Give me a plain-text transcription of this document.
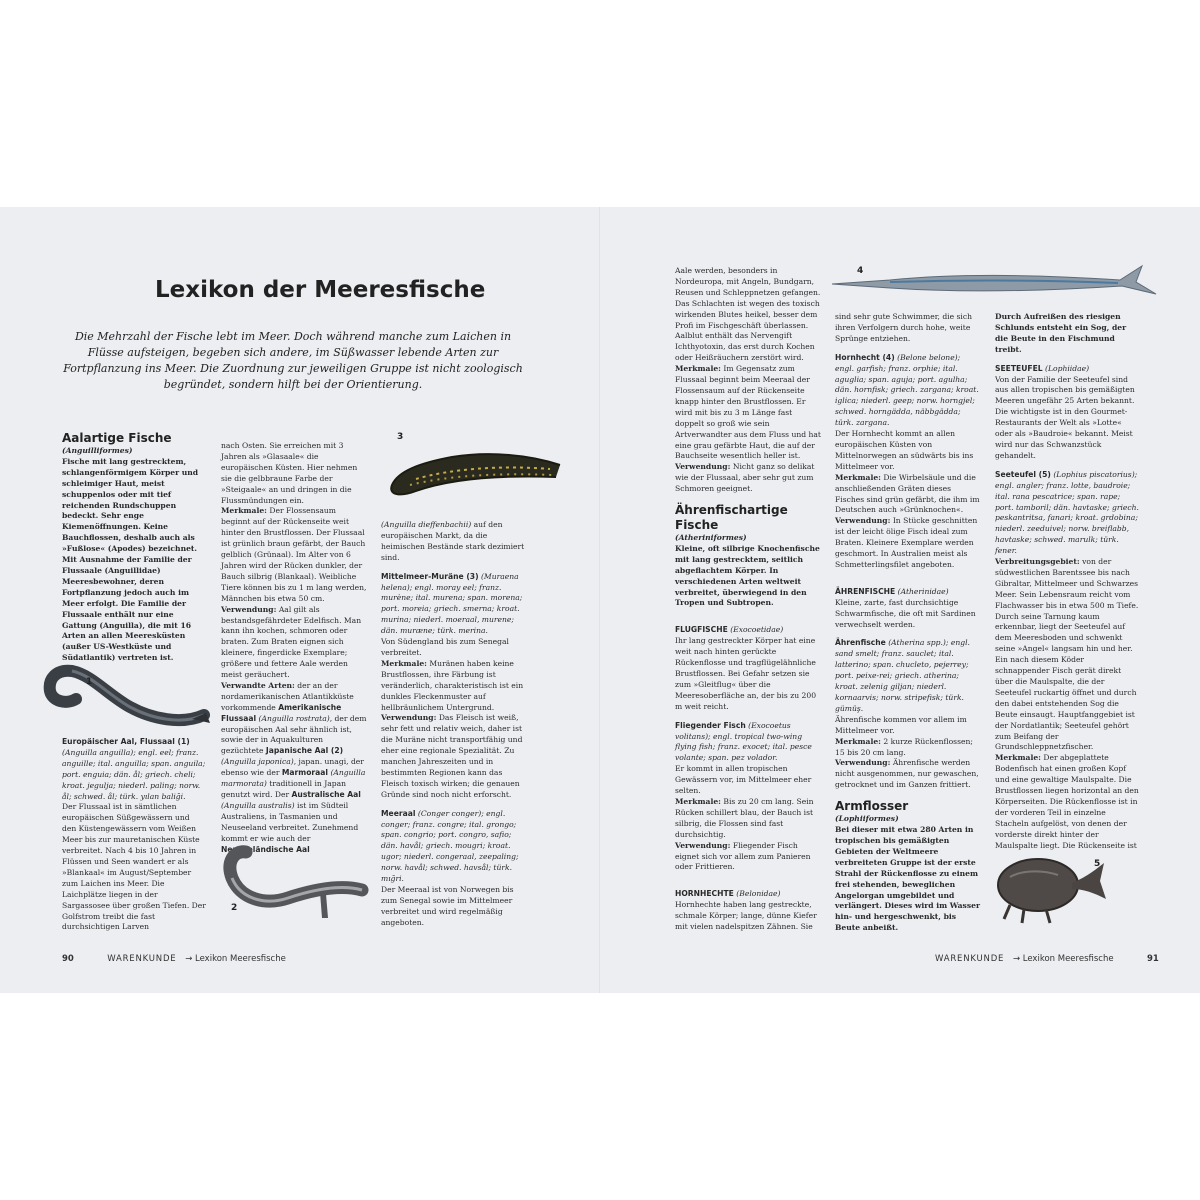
Lexikon der Meeresfische

Die Mehrzahl der Fische lebt im Meer. Doch während manche zum Laichen in Flüsse aufsteigen, begeben sich andere, im Süßwasser lebende Arten zur Fortpflanzung ins Meer. Die Zuordnung zur jeweiligen Gruppe ist nicht zoologisch begründet, sondern hilft bei der Orientierung.

Aalartige Fische

(Anguilliformes)

Fische mit lang gestrecktem, schlangenförmigem Körper und schleimiger Haut, meist schuppenlos oder mit tief reichenden Rundschuppen bedeckt. Sehr enge Kiemenöffnungen. Keine Bauchflossen, deshalb auch als »Fußlose« (Apodes) bezeichnet. Mit Ausnahme der Familie der Flussaale (Anguillidae) Meeresbewohner, deren Fortpflanzung jedoch auch im Meer erfolgt. Die Familie der Flussaale enthält nur eine Gattung (Anguilla), die mit 16 Arten an allen Meeresküsten (außer US-Westküste und Südatlantik) vertreten ist.

1

Europäischer Aal, Flussaal (1)

(Anguilla anguilla); engl. eel; franz. anguille; ital. anguilla; span. anguila; port. enguia; dän. ål; griech. cheli; kroat. jegulja; niederl. paling; norw. ål; schwed. ål; türk. yılan baliği.

Der Flussaal ist in sämtlichen europäischen Süßgewässern und den Küstengewässern vom Weißen Meer bis zur mauretanischen Küste verbreitet. Nach 4 bis 10 Jahren in Flüssen und Seen wandert er als »Blankaal« im August/September zum Laichen ins Meer. Die Laichplätze liegen in der Sargassosee über großen Tiefen. Der Golfstrom treibt die fast durchsichtigen Larven

nach Osten. Sie erreichen mit 3 Jahren als »Glasaale« die europäischen Küsten. Hier nehmen sie die gelbbraune Farbe der »Steigaale« an und dringen in die Flussmündungen ein.

Merkmale: Der Flossensaum beginnt auf der Rückenseite weit hinter den Brustflossen. Der Flussaal ist grünlich braun gefärbt, der Bauch gelblich (Grünaal). Im Alter von 6 Jahren wird der Rücken dunkler, der Bauch silbrig (Blankaal). Weibliche Tiere können bis zu 1 m lang werden, Männchen bis etwa 50 cm.

Verwendung: Aal gilt als bestandsgefährdeter Edelfisch. Man kann ihn kochen, schmoren oder braten. Zum Braten eignen sich kleinere, fingerdicke Exemplare; größere und fettere Aale werden meist geräuchert.

Verwandte Arten: der an der nordamerikanischen Atlantikküste vorkommende Amerikanische Flussaal (Anguilla rostrata), der dem europäischen Aal sehr ähnlich ist, sowie der in Aquakulturen gezüchtete Japanische Aal (2) (Anguilla japonica), japan. unagi, der ebenso wie der Marmoraal (Anguilla marmorata) traditionell in Japan genutzt wird. Der Australische Aal (Anguilla australis) ist im Südteil Australiens, in Tasmanien und Neuseeland verbreitet. Zunehmend kommt er wie auch der Neuseeländische Aal

2
3

(Anguilla dieffenbachii) auf den europäischen Markt, da die heimischen Bestände stark dezimiert sind.

Mittelmeer-Muräne (3) (Muraena helena); engl. moray eel; franz. murène; ital. murena; span. morena; port. moreia; griech. smerna; kroat. murina; niederl. moeraal, murene; dän. muræne; türk. merina.

Von Südengland bis zum Senegal verbreitet.

Merkmale: Muränen haben keine Brustflossen, ihre Färbung ist veränderlich, charakteristisch ist ein dunkles Fleckenmuster auf hellbräunlichem Untergrund.

Verwendung: Das Fleisch ist weiß, sehr fett und relativ weich, daher ist die Muräne nicht transportfähig und eher eine regionale Spezialität. Zu manchen Jahreszeiten und in bestimmten Regionen kann das Fleisch toxisch wirken; die genauen Gründe sind noch nicht erforscht.

Meeraal (Conger conger); engl. conger; franz. congre; ital. grongo; span. congrio; port. congro, safio; dän. havål; griech. mougri; kroat. ugor; niederl. congeraal, zeepaling; norw. havål; schwed. havsål; türk. mığri.

Der Meeraal ist von Norwegen bis zum Senegal sowie im Mittelmeer verbreitet und wird regelmäßig angeboten.

Aale werden, besonders in Nordeuropa, mit Angeln, Bundgarn, Reusen und Schleppnetzen gefangen. Das Schlachten ist wegen des toxisch wirkenden Blutes heikel, besser dem Profi im Fischgeschäft überlassen. Aalblut enthält das Nervengift Ichthyotoxin, das erst durch Kochen oder Heißräuchern zerstört wird.

Merkmale: Im Gegensatz zum Flussaal beginnt beim Meeraal der Flossensaum auf der Rückenseite knapp hinter den Brustflossen. Er wird mit bis zu 3 m Länge fast doppelt so groß wie sein Artverwandter aus dem Fluss und hat eine grau gefärbte Haut, die auf der Bauchseite wesentlich heller ist.

Verwendung: Nicht ganz so delikat wie der Flussaal, aber sehr gut zum Schmoren geeignet.

Ährenfischartige Fische

(Atheriniformes)

Kleine, oft silbrige Knochenfische mit lang gestrecktem, seitlich abgeflachtem Körper. In verschiedenen Arten weltweit verbreitet, überwiegend in den Tropen und Subtropen.

FLUGFISCHE (Exocoetidae)

Ihr lang gestreckter Körper hat eine weit nach hinten gerückte Rückenflosse und tragflügelähnliche Brustflossen. Bei Gefahr setzen sie zum »Gleitflug« über die Meeresoberfläche an, der bis zu 200 m weit reicht.

Fliegender Fisch (Exocoetus volitans); engl. tropical two-wing flying fish; franz. exocet; ital. pesce volante; span. pez volador.

Er kommt in allen tropischen Gewässern vor, im Mittelmeer eher selten.

Merkmale: Bis zu 20 cm lang. Sein Rücken schillert blau, der Bauch ist silbrig, die Flossen sind fast durchsichtig.

Verwendung: Fliegender Fisch eignet sich vor allem zum Panieren oder Frittieren.

HORNHECHTE (Belonidae)

Hornhechte haben lang gestreckte, schmale Körper; lange, dünne Kiefer mit vielen nadelspitzen Zähnen. Sie

4

sind sehr gute Schwimmer, die sich ihren Verfolgern durch hohe, weite Sprünge entziehen.

Hornhecht (4) (Belone belone); engl. garfish; franz. orphie; ital. aguglia; span. aguja; port. agulha; dän. hornfisk; griech. zargana; kroat. iglica; niederl. geep; norw. horngjel; schwed. horngädda, näbbgädda; türk. zargana.

Der Hornhecht kommt an allen europäischen Küsten von Mittelnorwegen an südwärts bis ins Mittelmeer vor.

Merkmale: Die Wirbelsäule und die anschließenden Gräten dieses Fisches sind grün gefärbt, die ihm im Deutschen auch »Grünknochen«.

Verwendung: In Stücke geschnitten ist der leicht ölige Fisch ideal zum Braten. Kleinere Exemplare werden geschmort. In Australien meist als Schmetterlingsfilet angeboten.

ÄHRENFISCHE (Atherinidae)

Kleine, zarte, fast durchsichtige Schwarmfische, die oft mit Sardinen verwechselt werden.

Ährenfische (Atherina spp.); engl. sand smelt; franz. sauclet; ital. latterino; span. chucleto, pejerrey; port. peixe-rei; griech. atherina; kroat. zelenig giljan; niederl. kornaarvis; norw. stripefisk; türk. gümüş.

Ährenfische kommen vor allem im Mittelmeer vor.

Merkmale: 2 kurze Rückenflossen; 15 bis 20 cm lang.

Verwendung: Ährenfische werden nicht ausgenommen, nur gewaschen, getrocknet und im Ganzen frittiert.

Armflosser

(Lophiiformes)

Bei dieser mit etwa 280 Arten in tropischen bis gemäßigten Gebieten der Weltmeere verbreiteten Gruppe ist der erste Strahl der Rückenflosse zu einem frei stehenden, beweglichen Angelorgan umgebildet und verlängert. Dieses wird im Wasser hin- und hergeschwenkt, bis Beute anbeißt.

Durch Aufreißen des riesigen Schlunds entsteht ein Sog, der die Beute in den Fischmund treibt.

SEETEUFEL (Lophiidae)

Von der Familie der Seeteufel sind aus allen tropischen bis gemäßigten Meeren ungefähr 25 Arten bekannt. Die wichtigste ist in den Gourmet-Restaurants der Welt als »Lotte« oder als »Baudroie« bekannt. Meist wird nur das Schwanzstück gehandelt.

Seeteufel (5) (Lophius piscatorius); engl. angler; franz. lotte, baudroie; ital. rana pescatrice; span. rape; port. tamboril; dän. havtaske; griech. peskantritsa, fanari; kroat. grdobina; niederl. zeeduivel; norw. breiflabb, havtaske; schwed. marulk; türk. fener.

Verbreitungsgebiet: von der südwestlichen Barentssee bis nach Gibraltar, Mittelmeer und Schwarzes Meer. Sein Lebensraum reicht vom Flachwasser bis in etwa 500 m Tiefe. Durch seine Tarnung kaum erkennbar, liegt der Seeteufel auf dem Meeresboden und schwenkt seine »Angel« langsam hin und her. Ein nach diesem Köder schnappender Fisch gerät direkt über die Maulspalte, die der Seeteufel ruckartig öffnet und durch den dabei entstehenden Sog die Beute einsaugt. Hauptfanggebiet ist der Nordatlantik; Seeteufel gehört zum Beifang der Grundschleppnetzfischer.

Merkmale: Der abgeplattete Bodenfisch hat einen großen Kopf und eine gewaltige Maulspalte. Die Brustflossen liegen horizontal an den Körperseiten. Die Rückenflosse ist in der vorderen Teil in einzelne Stacheln aufgelöst, von denen der vorderste direkt hinter der Maulspalte liegt. Die Rückenseite ist

5
90	WARENKUNDE → Lexikon Meeresfische	WARENKUNDE → Lexikon Meeresfische	91
